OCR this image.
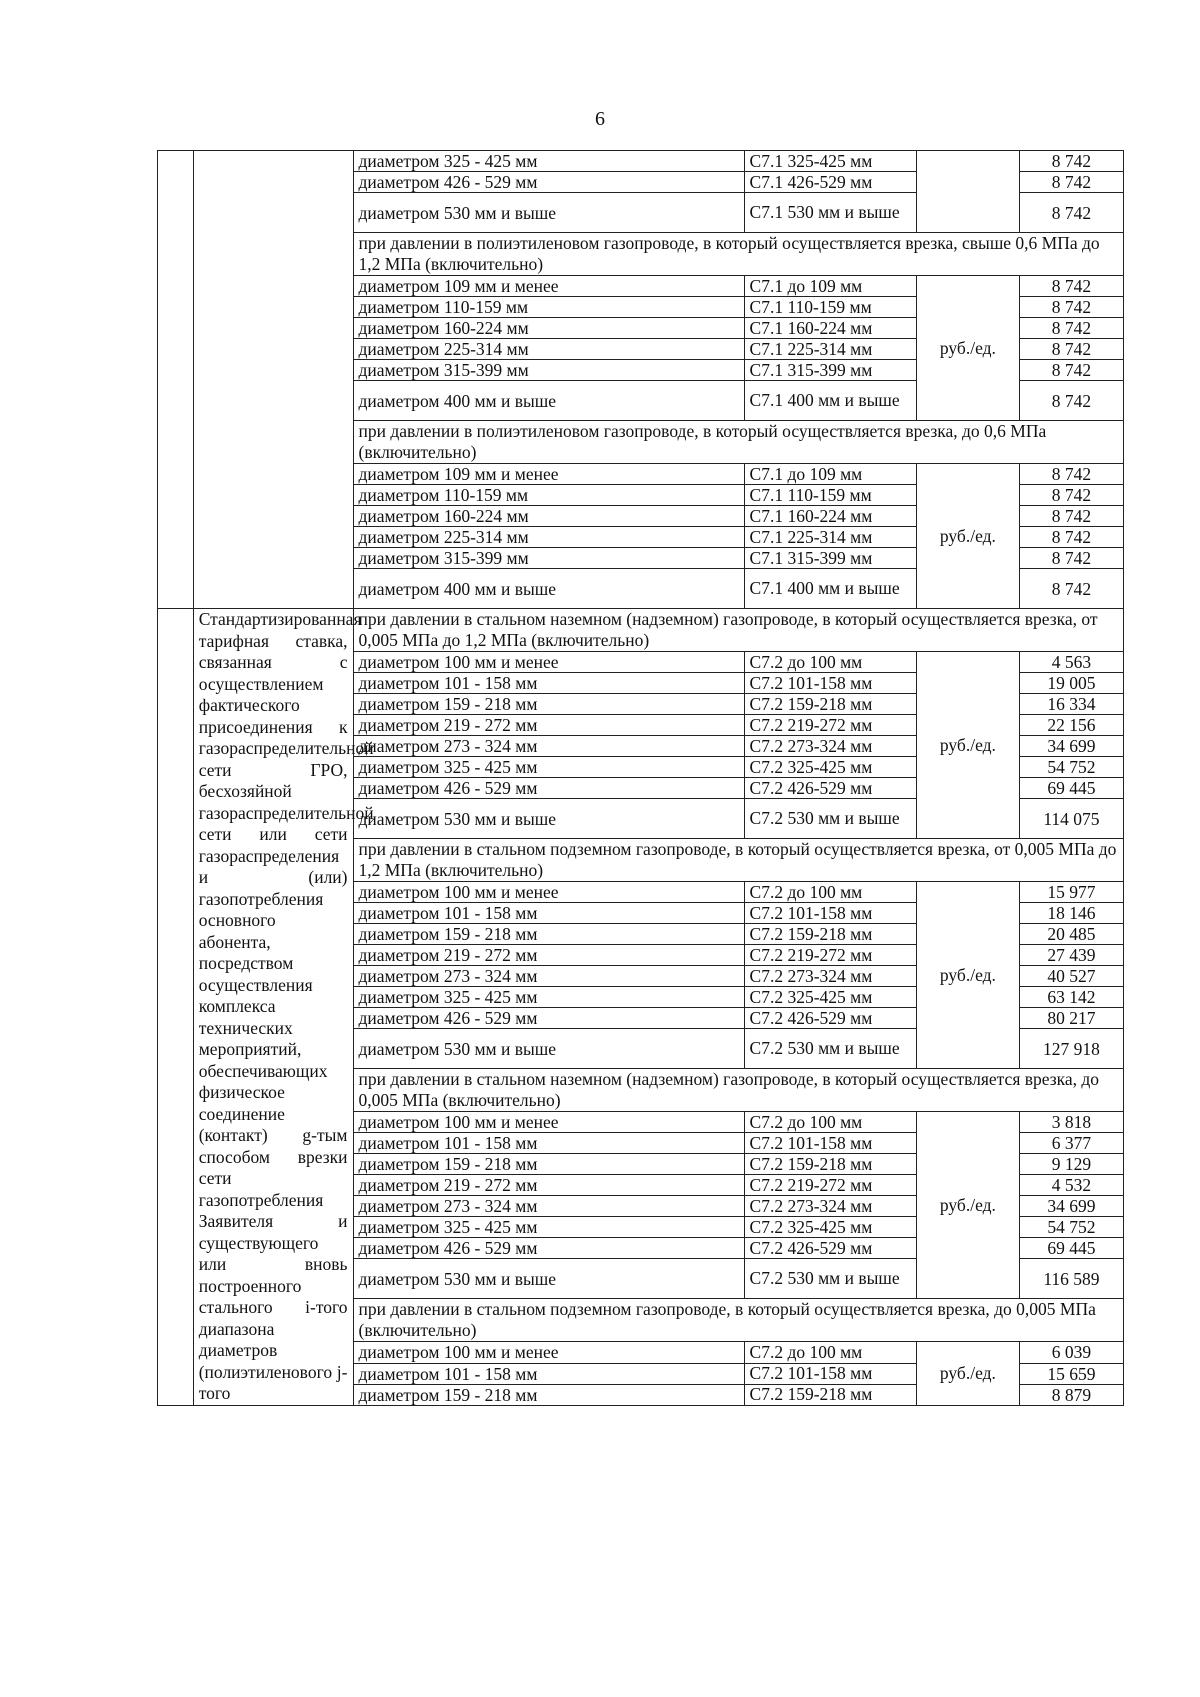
6
		диаметром 325 - 425 мм	С7.1 325-425 мм		8 742
		диаметром 426 - 529 мм	С7.1 426-529 мм		8 742
		диаметром 530 мм и выше	С7.1 530 мм и выше		8 742
		при давлении в полиэтиленовом газопроводе, в который осуществляется врезка, свыше 0,6 МПа до 1,2 МПа (включительно)			
		диаметром 109 мм и менее	С7.1 до 109 мм	руб./ед.	8 742
		диаметром 110-159 мм	С7.1 110-159 мм		8 742
		диаметром 160-224 мм	С7.1 160-224 мм		8 742
		диаметром 225-314 мм	С7.1 225-314 мм		8 742
		диаметром 315-399 мм	С7.1 315-399 мм		8 742
		диаметром 400 мм и выше	С7.1 400 мм и выше		8 742
		при давлении в полиэтиленовом газопроводе, в который осуществляется врезка, до 0,6 МПа (включительно)			
		диаметром 109 мм и менее	С7.1 до 109 мм	руб./ед.	8 742
		диаметром 110-159 мм	С7.1 110-159 мм		8 742
		диаметром 160-224 мм	С7.1 160-224 мм		8 742
		диаметром 225-314 мм	С7.1 225-314 мм		8 742
		диаметром 315-399 мм	С7.1 315-399 мм		8 742
		диаметром 400 мм и выше	С7.1 400 мм и выше		8 742
	Стандартизированная тарифная ставка, связанная с осуществлением фактического присоединения к газораспределительной сети ГРО, бесхозяйной газораспределительной сети или сети газораспределения и (или) газопотребления основного абонента, посредством осуществления комплекса технических мероприятий, обеспечивающих физическое соединение (контакт) g-тым способом врезки сети газопотребления Заявителя и существующего или вновь построенного стального i-того диапазона диаметров (полиэтиленового j-того	при давлении в стальном наземном (надземном) газопроводе, в который осуществляется врезка, от 0,005 МПа до 1,2 МПа (включительно)			
		диаметром 100 мм и менее	С7.2 до 100 мм	руб./ед.	4 563
		диаметром 101 - 158 мм	С7.2 101-158 мм		19 005
		диаметром 159 - 218 мм	С7.2 159-218 мм		16 334
		диаметром 219 - 272 мм	С7.2 219-272 мм		22 156
		диаметром 273 - 324 мм	С7.2 273-324 мм		34 699
		диаметром 325 - 425 мм	С7.2 325-425 мм		54 752
		диаметром 426 - 529 мм	С7.2 426-529 мм		69 445
		диаметром 530 мм и выше	С7.2 530 мм и выше		114 075
		при давлении в стальном подземном газопроводе, в который осуществляется врезка, от 0,005 МПа до 1,2 МПа (включительно)			
		диаметром 100 мм и менее	С7.2 до 100 мм	руб./ед.	15 977
		диаметром 101 - 158 мм	С7.2 101-158 мм		18 146
		диаметром 159 - 218 мм	С7.2 159-218 мм		20 485
		диаметром 219 - 272 мм	С7.2 219-272 мм		27 439
		диаметром 273 - 324 мм	С7.2 273-324 мм		40 527
		диаметром 325 - 425 мм	С7.2 325-425 мм		63 142
		диаметром 426 - 529 мм	С7.2 426-529 мм		80 217
		диаметром 530 мм и выше	С7.2 530 мм и выше		127 918
		при давлении в стальном наземном (надземном) газопроводе, в который осуществляется врезка, до 0,005 МПа (включительно)			
		диаметром 100 мм и менее	С7.2 до 100 мм	руб./ед.	3 818
		диаметром 101 - 158 мм	С7.2 101-158 мм		6 377
		диаметром 159 - 218 мм	С7.2 159-218 мм		9 129
		диаметром 219 - 272 мм	С7.2 219-272 мм		4 532
		диаметром 273 - 324 мм	С7.2 273-324 мм		34 699
		диаметром 325 - 425 мм	С7.2 325-425 мм		54 752
		диаметром 426 - 529 мм	С7.2 426-529 мм		69 445
		диаметром 530 мм и выше	С7.2 530 мм и выше		116 589
		при давлении в стальном подземном газопроводе, в который осуществляется врезка, до 0,005 МПа (включительно)			
		диаметром 100 мм и менее	С7.2 до 100 мм	руб./ед.	6 039
		диаметром 101 - 158 мм	С7.2 101-158 мм		15 659
		диаметром 159 - 218 мм	С7.2 159-218 мм		8 879
